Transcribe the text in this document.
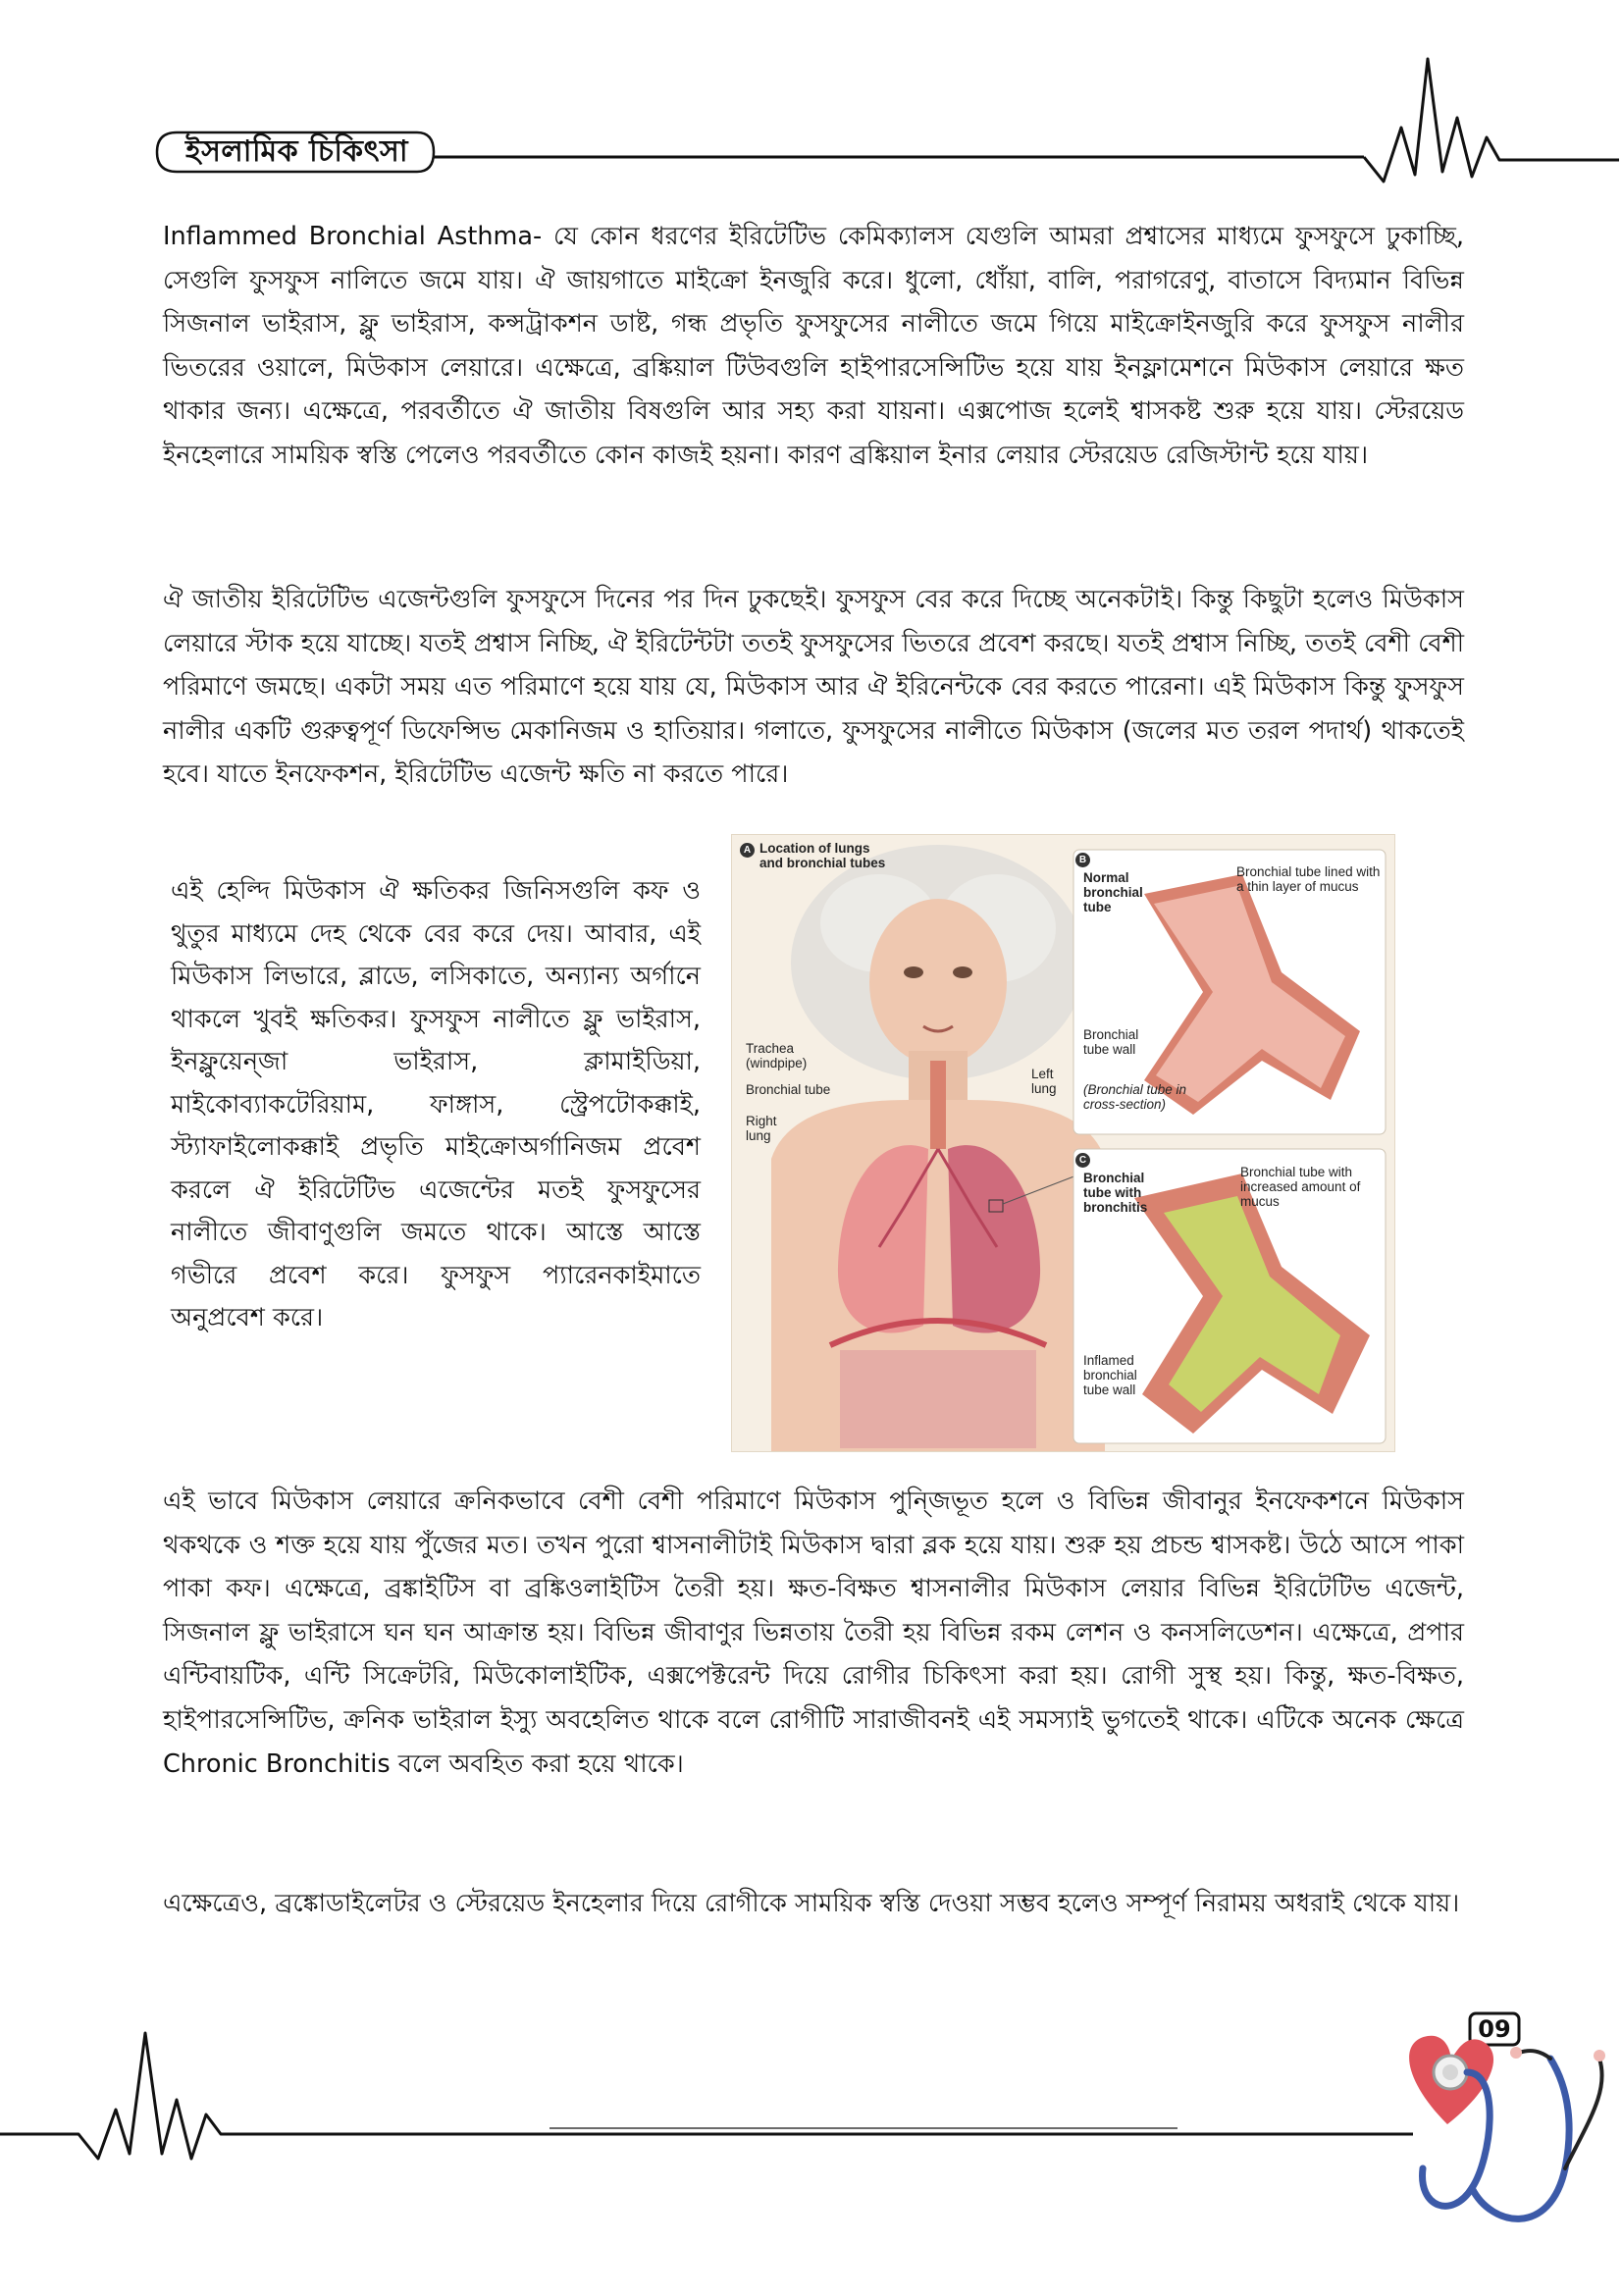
ইসলামিক চিকিৎসা

Inflammed Bronchial Asthma- যে কোন ধরণের ইরিটেটিভ কেমিক্যালস যেগুলি আমরা প্রশ্বাসের মাধ্যমে ফুসফুসে ঢুকাচ্ছি, সেগুলি ফুসফুস নালিতে জমে যায়। ঐ জায়গাতে মাইক্রো ইনজুরি করে। ধুলো, ধোঁয়া, বালি, পরাগরেণু, বাতাসে বিদ্যমান বিভিন্ন সিজনাল ভাইরাস, ফ্লু ভাইরাস, কন্সট্রাকশন ডাষ্ট, গন্ধ প্রভৃতি ফুসফুসের নালীতে জমে গিয়ে মাইক্রোইনজুরি করে ফুসফুস নালীর ভিতরের ওয়ালে, মিউকাস লেয়ারে। এক্ষেত্রে, ব্রঙ্কিয়াল টিউবগুলি হাইপারসেন্সিটিভ হয়ে যায় ইনফ্লামেশনে মিউকাস লেয়ারে ক্ষত থাকার জন্য। এক্ষেত্রে, পরবর্তীতে ঐ জাতীয় বিষগুলি আর সহ্য করা যায়না। এক্সপোজ হলেই শ্বাসকষ্ট শুরু হয়ে যায়। স্টেরয়েড ইনহেলারে সাময়িক স্বস্তি পেলেও পরবর্তীতে কোন কাজই হয়না। কারণ ব্রঙ্কিয়াল ইনার লেয়ার স্টেরয়েড রেজিস্টান্ট হয়ে যায়।

ঐ জাতীয় ইরিটেটিভ এজেন্টগুলি ফুসফুসে দিনের পর দিন ঢুকছেই। ফুসফুস বের করে দিচ্ছে অনেকটাই। কিন্তু কিছুটা হলেও মিউকাস লেয়ারে স্টাক হয়ে যাচ্ছে। যতই প্রশ্বাস নিচ্ছি, ঐ ইরিটেন্টটা ততই ফুসফুসের ভিতরে প্রবেশ করছে। যতই প্রশ্বাস নিচ্ছি, ততই বেশী বেশী পরিমাণে জমছে। একটা সময় এত পরিমাণে হয়ে যায় যে, মিউকাস আর ঐ ইরিনেন্টকে বের করতে পারেনা। এই মিউকাস কিন্তু ফুসফুস নালীর একটি গুরুত্বপূর্ণ ডিফেন্সিভ মেকানিজম ও হাতিয়ার। গলাতে, ফুসফুসের নালীতে মিউকাস (জলের মত তরল পদার্থ) থাকতেই হবে। যাতে ইনফেকশন, ইরিটেটিভ এজেন্ট ক্ষতি না করতে পারে।

এই হেল্দি মিউকাস ঐ ক্ষতিকর জিনিসগুলি কফ ও থুতুর মাধ্যমে দেহ থেকে বের করে দেয়। আবার, এই মিউকাস লিভারে, ব্লাডে, লসিকাতে, অন্যান্য অর্গানে থাকলে খুবই ক্ষতিকর। ফুসফুস নালীতে ফ্লু ভাইরাস, ইনফ্লুয়েন্জা ভাইরাস, ক্লামাইডিয়া, মাইকোব্যাকটেরিয়াম, ফাঙ্গাস, স্ট্রেপটোকক্কাই, স্ট্যাফাইলোকক্কাই প্রভৃতি মাইক্রোঅর্গানিজম প্রবেশ করলে ঐ ইরিটেটিভ এজেন্টের মতই ফুসফুসের নালীতে জীবাণুগুলি জমতে থাকে। আস্তে আস্তে গভীরে প্রবেশ করে। ফুসফুস প্যারেনকাইমাতে অনুপ্রবেশ করে।

A Location of lungs and bronchial tubes
Trachea (windpipe)
Bronchial tube
Right lung
Left lung
B
Normal bronchial tube
Bronchial tube lined with a thin layer of mucus
Bronchial tube wall
(Bronchial tube in cross-section)
C
Bronchial tube with bronchitis
Bronchial tube with increased amount of mucus
Inflamed bronchial tube wall

এই ভাবে মিউকাস লেয়ারে ক্রনিকভাবে বেশী বেশী পরিমাণে মিউকাস পুন্জিভূত হলে ও বিভিন্ন জীবানুর ইনফেকশনে মিউকাস থকথকে ও শক্ত হয়ে যায় পুঁজের মত। তখন পুরো শ্বাসনালীটাই মিউকাস দ্বারা ব্লক হয়ে যায়। শুরু হয় প্রচন্ড শ্বাসকষ্ট। উঠে আসে পাকা পাকা কফ। এক্ষেত্রে, ব্রঙ্কাইটিস বা ব্রঙ্কিওলাইটিস তৈরী হয়। ক্ষত-বিক্ষত শ্বাসনালীর মিউকাস লেয়ার বিভিন্ন ইরিটেটিভ এজেন্ট, সিজনাল ফ্লু ভাইরাসে ঘন ঘন আক্রান্ত হয়। বিভিন্ন জীবাণুর ভিন্নতায় তৈরী হয় বিভিন্ন রকম লেশন ও কনসলিডেশন। এক্ষেত্রে, প্রপার এন্টিবায়টিক, এন্টি সিক্রেটরি, মিউকোলাইটিক, এক্সপেক্টরেন্ট দিয়ে রোগীর চিকিৎসা করা হয়। রোগী সুস্থ হয়। কিন্তু, ক্ষত-বিক্ষত, হাইপারসেন্সিটিভ, ক্রনিক ভাইরাল ইস্যু অবহেলিত থাকে বলে রোগীটি সারাজীবনই এই সমস্যাই ভুগতেই থাকে। এটিকে অনেক ক্ষেত্রে Chronic Bronchitis বলে অবহিত করা হয়ে থাকে।

এক্ষেত্রেও, ব্রঙ্কোডাইলেটর ও স্টেরয়েড ইনহেলার দিয়ে রোগীকে সাময়িক স্বস্তি দেওয়া সম্ভব হলেও সম্পূর্ণ নিরাময় অধরাই থেকে যায়।

09
